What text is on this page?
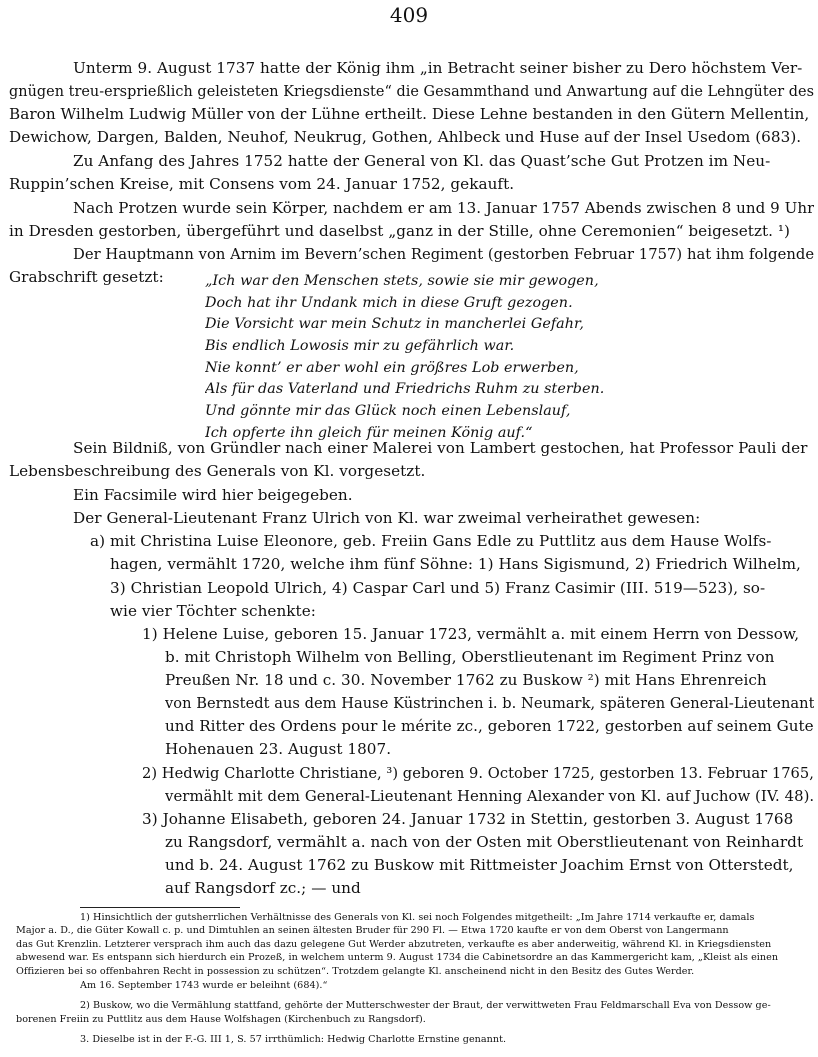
409
Unterm 9. August 1737 hatte der König ihm „in Betracht seiner bisher zu Dero höchstem Ver-
gnügen treu-ersprießlich geleisteten Kriegsdienste“ die Gesammthand und Anwartung auf die Lehngüter des
Baron Wilhelm Ludwig Müller von der Lühne ertheilt. Diese Lehne bestanden in den Gütern Mellentin,
Dewichow, Dargen, Balden, Neuhof, Neukrug, Gothen, Ahlbeck und Huse auf der Insel Usedom (683).
Zu Anfang des Jahres 1752 hatte der General von Kl. das Quast’sche Gut Protzen im Neu-
Ruppin’schen Kreise, mit Consens vom 24. Januar 1752, gekauft.
Nach Protzen wurde sein Körper, nachdem er am 13. Januar 1757 Abends zwischen 8 und 9 Uhr
in Dresden gestorben, übergeführt und daselbst „ganz in der Stille, ohne Ceremonien“ beigesetzt. ¹)
Der Hauptmann von Arnim im Bevern’schen Regiment (gestorben Februar 1757) hat ihm folgende
Grabschrift gesetzt:	„Ich war den Menschen stets, sowie sie mir gewogen,
Doch hat ihr Undank mich in diese Gruft gezogen.
Die Vorsicht war mein Schutz in mancherlei Gefahr,
Bis endlich Lowosis mir zu gefährlich war.
Nie konnt’ er aber wohl ein größres Lob erwerben,
Als für das Vaterland und Friedrichs Ruhm zu sterben.
Und gönnte mir das Glück noch einen Lebenslauf,
Ich opferte ihn gleich für meinen König auf.“
Sein Bildniß, von Gründler nach einer Malerei von Lambert gestochen, hat Professor Pauli der
Lebensbeschreibung des Generals von Kl. vorgesetzt.
Ein Facsimile wird hier beigegeben.
Der General-Lieutenant Franz Ulrich von Kl. war zweimal verheirathet gewesen:
a) mit Christina Luise Eleonore, geb. Freiin Gans Edle zu Puttlitz aus dem Hause Wolfs-
hagen, vermählt 1720, welche ihm fünf Söhne: 1) Hans Sigismund, 2) Friedrich Wilhelm,
3) Christian Leopold Ulrich, 4) Caspar Carl und 5) Franz Casimir (III. 519—523), so-
wie vier Töchter schenkte:
1) Helene Luise, geboren 15. Januar 1723, vermählt a. mit einem Herrn von Dessow,
b. mit Christoph Wilhelm von Belling, Oberstlieutenant im Regiment Prinz von
Preußen Nr. 18 und c. 30. November 1762 zu Buskow ²) mit Hans Ehrenreich
von Bernstedt aus dem Hause Küstrinchen i. b. Neumark, späteren General-Lieutenant
und Ritter des Ordens pour le mérite zc., geboren 1722, gestorben auf seinem Gute
Hohenauen 23. August 1807.
2) Hedwig Charlotte Christiane, ³) geboren 9. October 1725, gestorben 13. Februar 1765,
vermählt mit dem General-Lieutenant Henning Alexander von Kl. auf Juchow (IV. 48).
3) Johanne Elisabeth, geboren 24. Januar 1732 in Stettin, gestorben 3. August 1768
zu Rangsdorf, vermählt a. nach von der Osten mit Oberstlieutenant von Reinhardt
und b. 24. August 1762 zu Buskow mit Rittmeister Joachim Ernst von Otterstedt,
auf Rangsdorf zc.; — und
1) Hinsichtlich der gutsherrlichen Verhältnisse des Generals von Kl. sei noch Folgendes mitgetheilt: „Im Jahre 1714 verkaufte er, damals
Major a. D., die Güter Kowall c. p. und Dimtuhlen an seinen ältesten Bruder für 290 Fl. — Etwa 1720 kaufte er von dem Oberst von Langermann
das Gut Krenzlin. Letzterer versprach ihm auch das dazu gelegene Gut Werder abzutreten, verkaufte es aber anderweitig, während Kl. in Kriegsdiensten
abwesend war. Es entspann sich hierdurch ein Prozeß, in welchem unterm 9. August 1734 die Cabinetsordre an das Kammergericht kam, „Kleist als einen
Offizieren bei so offenbahren Recht in possession zu schützen“. Trotzdem gelangte Kl. anscheinend nicht in den Besitz des Gutes Werder.
Am 16. September 1743 wurde er beleihnt (684).“
2) Buskow, wo die Vermählung stattfand, gehörte der Mutterschwester der Braut, der verwittweten Frau Feldmarschall Eva von Dessow ge-
borenen Freiin zu Puttlitz aus dem Hause Wolfshagen (Kirchenbuch zu Rangsdorf).
3. Dieselbe ist in der F.-G. III 1, S. 57 irrthümlich: Hedwig Charlotte Ernstine genannt.
